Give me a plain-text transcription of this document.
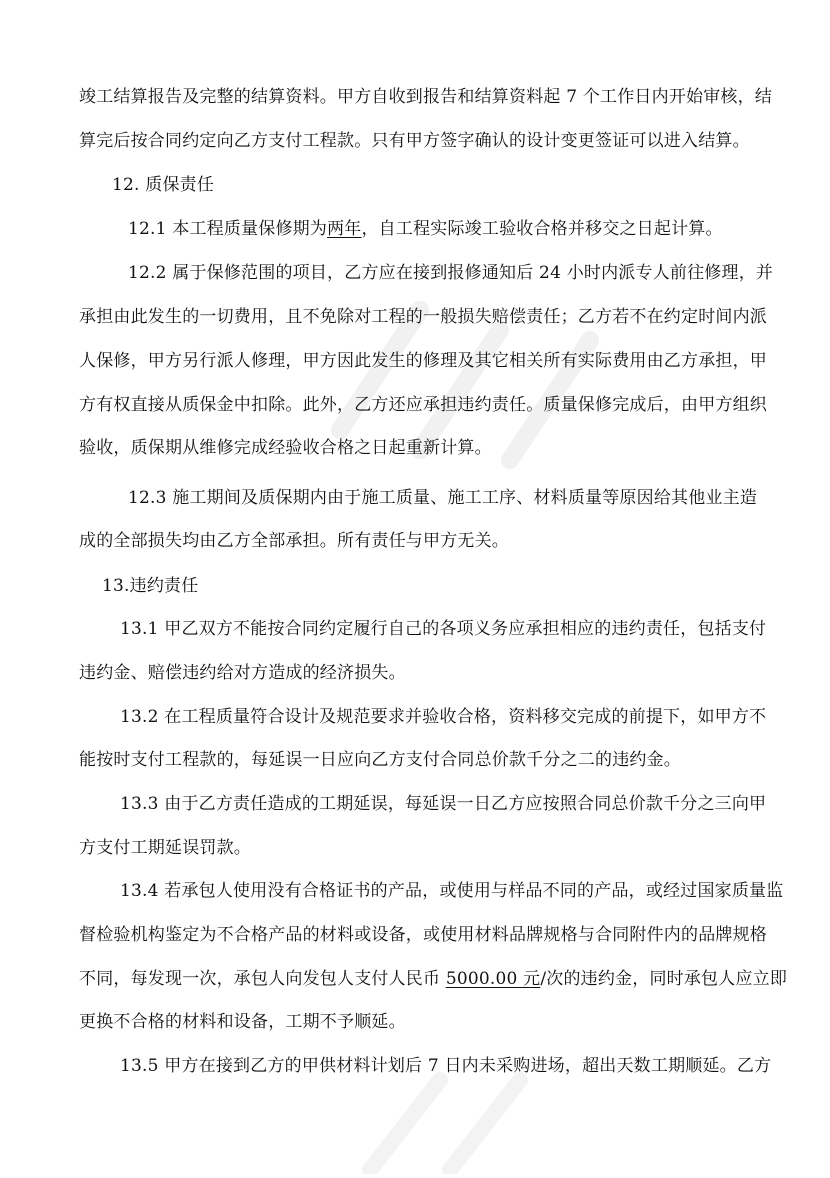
竣工结算报告及完整的结算资料。甲方自收到报告和结算资料起 7 个工作日内开始审核，结
算完后按合同约定向乙方支付工程款。只有甲方签字确认的设计变更签证可以进入结算。
12. 质保责任
12.1 本工程质量保修期为两年，自工程实际竣工验收合格并移交之日起计算。
12.2 属于保修范围的项目，乙方应在接到报修通知后 24 小时内派专人前往修理，并
承担由此发生的一切费用，且不免除对工程的一般损失赔偿责任；乙方若不在约定时间内派
人保修，甲方另行派人修理，甲方因此发生的修理及其它相关所有实际费用由乙方承担，甲
方有权直接从质保金中扣除。此外，乙方还应承担违约责任。质量保修完成后，由甲方组织
验收，质保期从维修完成经验收合格之日起重新计算。
12.3 施工期间及质保期内由于施工质量、施工工序、材料质量等原因给其他业主造
成的全部损失均由乙方全部承担。所有责任与甲方无关。
13.违约责任
13.1 甲乙双方不能按合同约定履行自己的各项义务应承担相应的违约责任，包括支付
违约金、赔偿违约给对方造成的经济损失。
13.2 在工程质量符合设计及规范要求并验收合格，资料移交完成的前提下，如甲方不
能按时支付工程款的，每延误一日应向乙方支付合同总价款千分之二的违约金。
13.3 由于乙方责任造成的工期延误，每延误一日乙方应按照合同总价款千分之三向甲
方支付工期延误罚款。
13.4 若承包人使用没有合格证书的产品，或使用与样品不同的产品，或经过国家质量监
督检验机构鉴定为不合格产品的材料或设备，或使用材料品牌规格与合同附件内的品牌规格
不同，每发现一次，承包人向发包人支付人民币 5000.00 元/次的违约金，同时承包人应立即
更换不合格的材料和设备，工期不予顺延。
13.5 甲方在接到乙方的甲供材料计划后 7 日内未采购进场，超出天数工期顺延。乙方
